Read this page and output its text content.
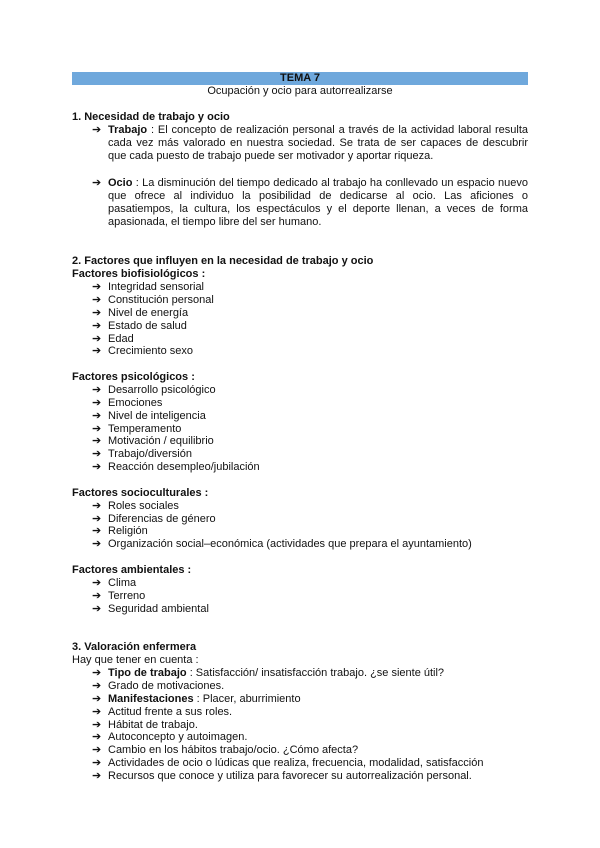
TEMA 7
Ocupación y ocio para autorrealizarse
1. Necesidad de trabajo y ocio
➔ Trabajo : El concepto de realización personal a través de la actividad laboral resulta cada vez más valorado en nuestra sociedad. Se trata de ser capaces de descubrir que cada puesto de trabajo puede ser motivador y aportar riqueza.
➔ Ocio : La disminución del tiempo dedicado al trabajo ha conllevado un espacio nuevo que ofrece al individuo la posibilidad de dedicarse al ocio. Las aficiones o pasatiempos, la cultura, los espectáculos y el deporte llenan, a veces de forma apasionada, el tiempo libre del ser humano.
2. Factores que influyen en la necesidad de trabajo y ocio
Factores biofisiológicos :
➔ Integridad sensorial
➔ Constitución personal
➔ Nivel de energía
➔ Estado de salud
➔ Edad
➔ Crecimiento sexo
Factores psicológicos :
➔ Desarrollo psicológico
➔ Emociones
➔ Nivel de inteligencia
➔ Temperamento
➔ Motivación / equilibrio
➔ Trabajo/diversión
➔ Reacción desempleo/jubilación
Factores socioculturales :
➔ Roles sociales
➔ Diferencias de género
➔ Religión
➔ Organización social–económica (actividades que prepara el ayuntamiento)
Factores ambientales :
➔ Clima
➔ Terreno
➔ Seguridad ambiental
3. Valoración enfermera
Hay que tener en cuenta :
➔ Tipo de trabajo : Satisfacción/ insatisfacción trabajo. ¿se siente útil?
➔ Grado de motivaciones.
➔ Manifestaciones : Placer, aburrimiento
➔ Actitud frente a sus roles.
➔ Hábitat de trabajo.
➔ Autoconcepto y autoimagen.
➔ Cambio en los hábitos trabajo/ocio. ¿Cómo afecta?
➔ Actividades de ocio o lúdicas que realiza, frecuencia, modalidad, satisfacción
➔ Recursos que conoce y utiliza para favorecer su autorrealización personal.
